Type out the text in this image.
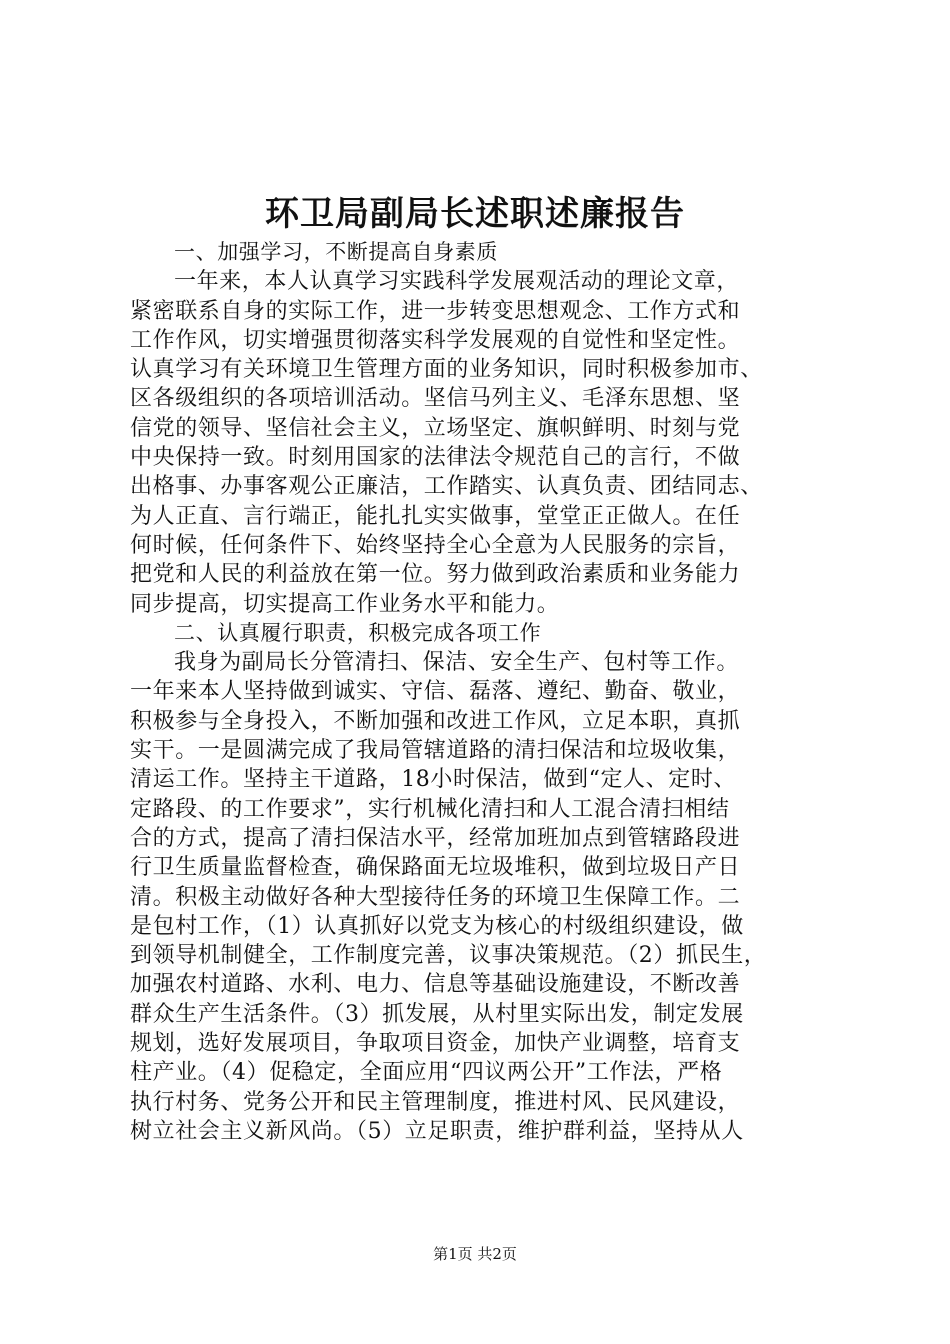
环卫局副局长述职述廉报告
一、加强学习，不断提高自身素质
一年来，本人认真学习实践科学发展观活动的理论文章，
紧密联系自身的实际工作，进一步转变思想观念、工作方式和
工作作风，切实增强贯彻落实科学发展观的自觉性和坚定性。
认真学习有关环境卫生管理方面的业务知识，同时积极参加市、
区各级组织的各项培训活动。坚信马列主义、毛泽东思想、坚
信党的领导、坚信社会主义，立场坚定、旗帜鲜明、时刻与党
中央保持一致。时刻用国家的法律法令规范自己的言行，不做
出格事、办事客观公正廉洁，工作踏实、认真负责、团结同志、
为人正直、言行端正，能扎扎实实做事，堂堂正正做人。在任
何时候，任何条件下、始终坚持全心全意为人民服务的宗旨，
把党和人民的利益放在第一位。努力做到政治素质和业务能力
同步提高，切实提高工作业务水平和能力。
二、认真履行职责，积极完成各项工作
我身为副局长分管清扫、保洁、安全生产、包村等工作。
一年来本人坚持做到诚实、守信、磊落、遵纪、勤奋、敬业，
积极参与全身投入，不断加强和改进工作风，立足本职，真抓
实干。一是圆满完成了我局管辖道路的清扫保洁和垃圾收集，
清运工作。坚持主干道路，18小时保洁，做到“定人、定时、
定路段、的工作要求”，实行机械化清扫和人工混合清扫相结
合的方式，提高了清扫保洁水平，经常加班加点到管辖路段进
行卫生质量监督检查，确保路面无垃圾堆积，做到垃圾日产日
清。积极主动做好各种大型接待任务的环境卫生保障工作。二
是包村工作，（1）认真抓好以党支为核心的村级组织建设，做
到领导机制健全，工作制度完善，议事决策规范。（2）抓民生，
加强农村道路、水利、电力、信息等基础设施建设，不断改善
群众生产生活条件。（3）抓发展，从村里实际出发，制定发展
规划，选好发展项目，争取项目资金，加快产业调整，培育支
柱产业。（4）促稳定，全面应用“四议两公开”工作法，严格
执行村务、党务公开和民主管理制度，推进村风、民风建设，
树立社会主义新风尚。（5）立足职责，维护群利益，坚持从人
第1页 共2页
